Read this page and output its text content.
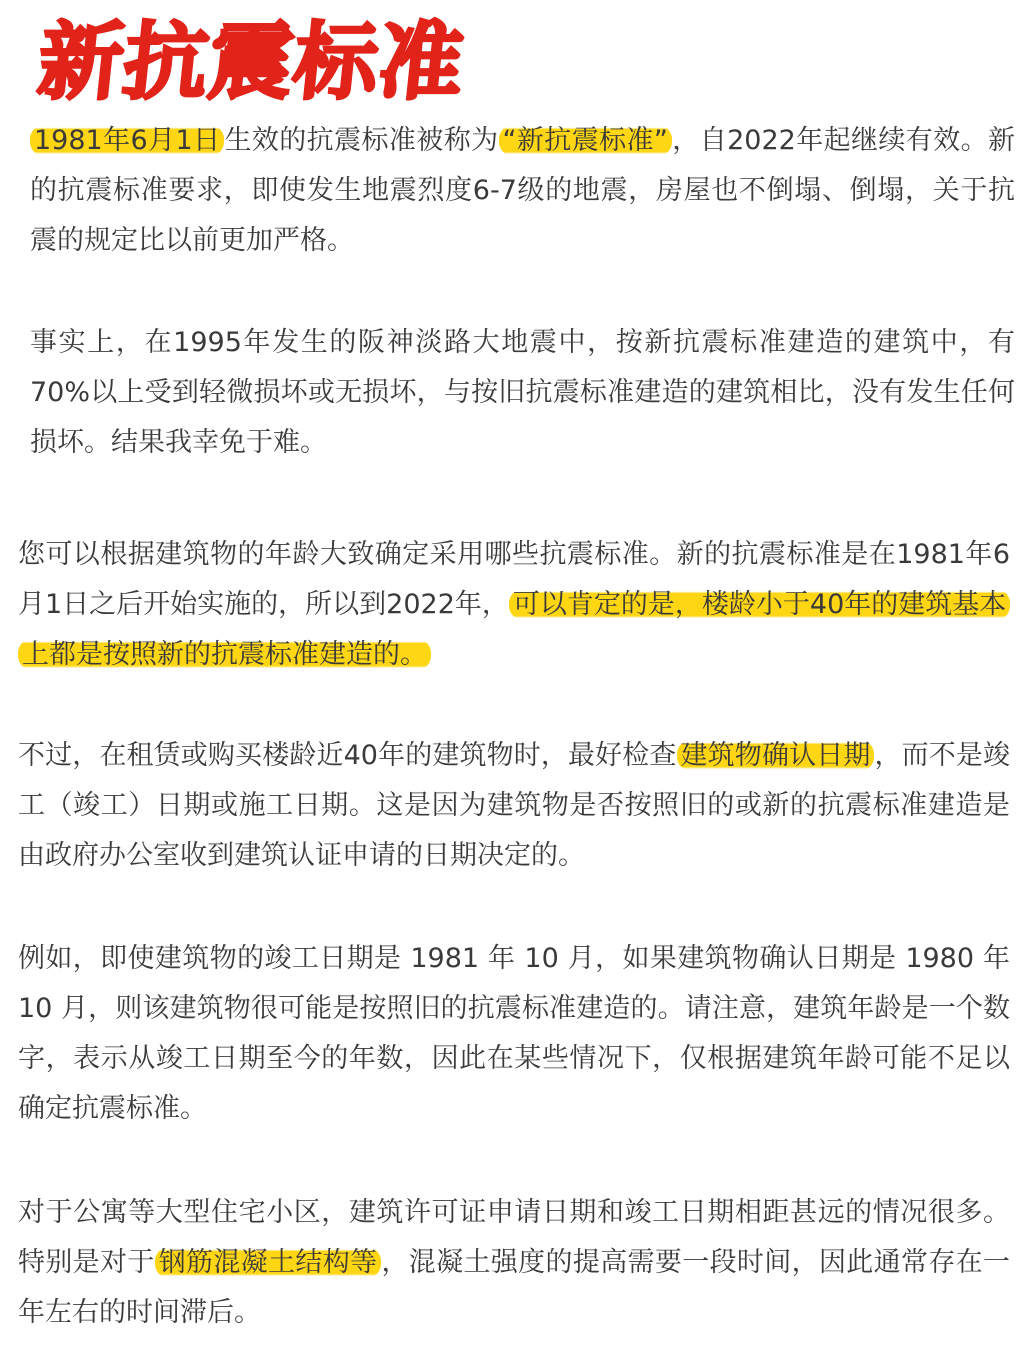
新抗震标准

1981年6月1日 生效的抗震标准被称为 “新抗震标准” ，自2022年起继续有效。新的抗震标准要求，即使发生地震烈度6-7级的地震，房屋也不倒塌、倒塌，关于抗震的规定比以前更加严格。

事实上，在1995年发生的阪神淡路大地震中，按新抗震标准建造的建筑中，有70%以上受到轻微损坏或无损坏，与按旧抗震标准建造的建筑相比，没有发生任何损坏。结果我幸免于难。

您可以根据建筑物的年龄大致确定采用哪些抗震标准。新的抗震标准是在1981年6月1日之后开始实施的，所以到2022年， 可以肯定的是，楼龄小于40年的建筑基本上都是按照新的抗震标准建造的。

不过，在租赁或购买楼龄近40年的建筑物时，最好检查 建筑物确认日期 ，而不是竣工（竣工）日期或施工日期。这是因为建筑物是否按照旧的或新的抗震标准建造是由政府办公室收到建筑认证申请的日期决定的。

例如，即使建筑物的竣工日期是 1981 年 10 月，如果建筑物确认日期是 1980 年 10 月，则该建筑物很可能是按照旧的抗震标准建造的。请注意，建筑年龄是一个数字，表示从竣工日期至今的年数，因此在某些情况下，仅根据建筑年龄可能不足以确定抗震标准。

对于公寓等大型住宅小区，建筑许可证申请日期和竣工日期相距甚远的情况很多。特别是对于 钢筋混凝土结构等 ，混凝土强度的提高需要一段时间，因此通常存在一年左右的时间滞后。
